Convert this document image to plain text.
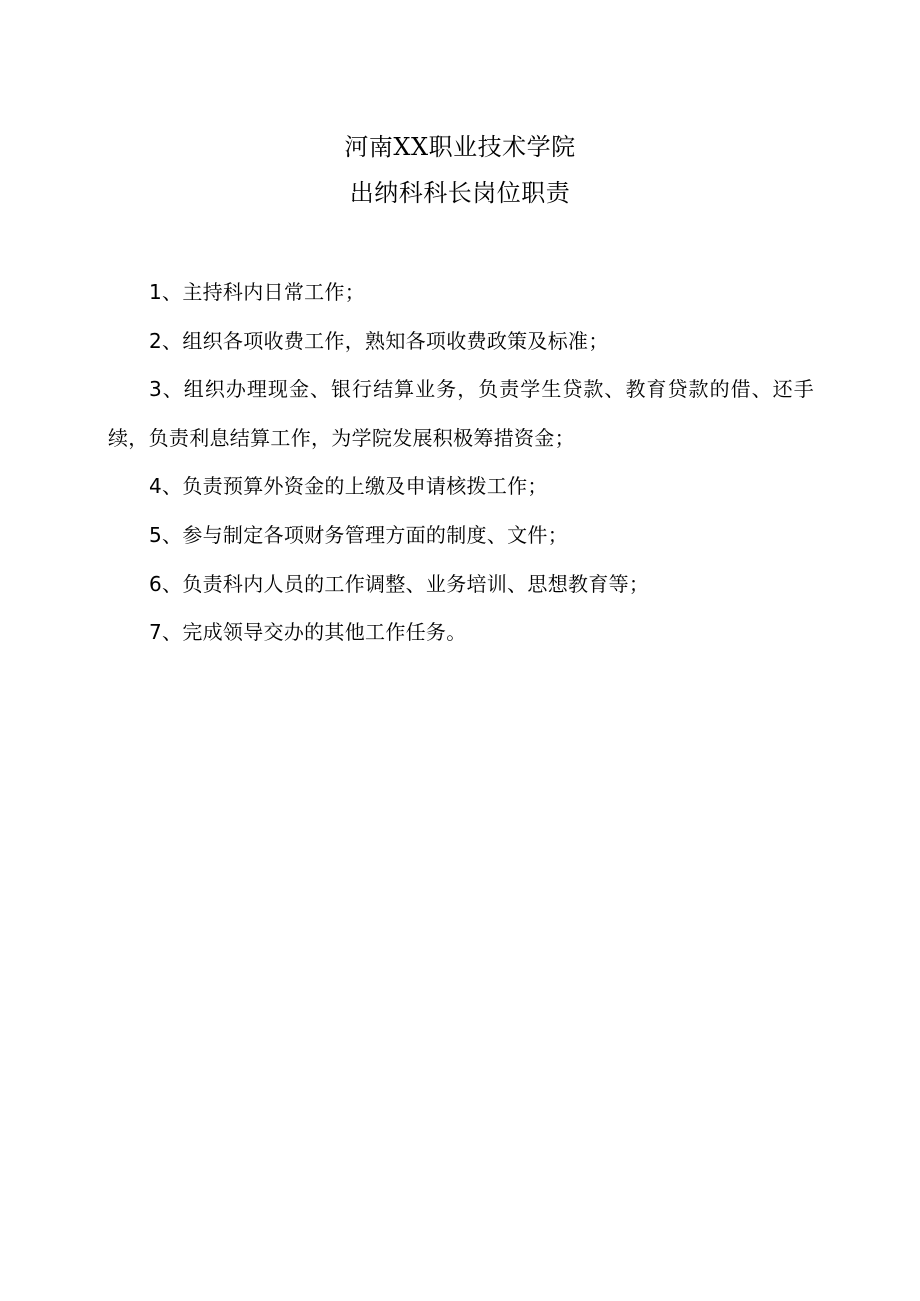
河南XX职业技术学院
出纳科科长岗位职责

1、主持科内日常工作；

2、组织各项收费工作，熟知各项收费政策及标准；

3、组织办理现金、银行结算业务，负责学生贷款、教育贷款的借、还手续，负责利息结算工作，为学院发展积极筹措资金；

4、负责预算外资金的上缴及申请核拨工作；

5、参与制定各项财务管理方面的制度、文件；

6、负责科内人员的工作调整、业务培训、思想教育等；

7、完成领导交办的其他工作任务。
